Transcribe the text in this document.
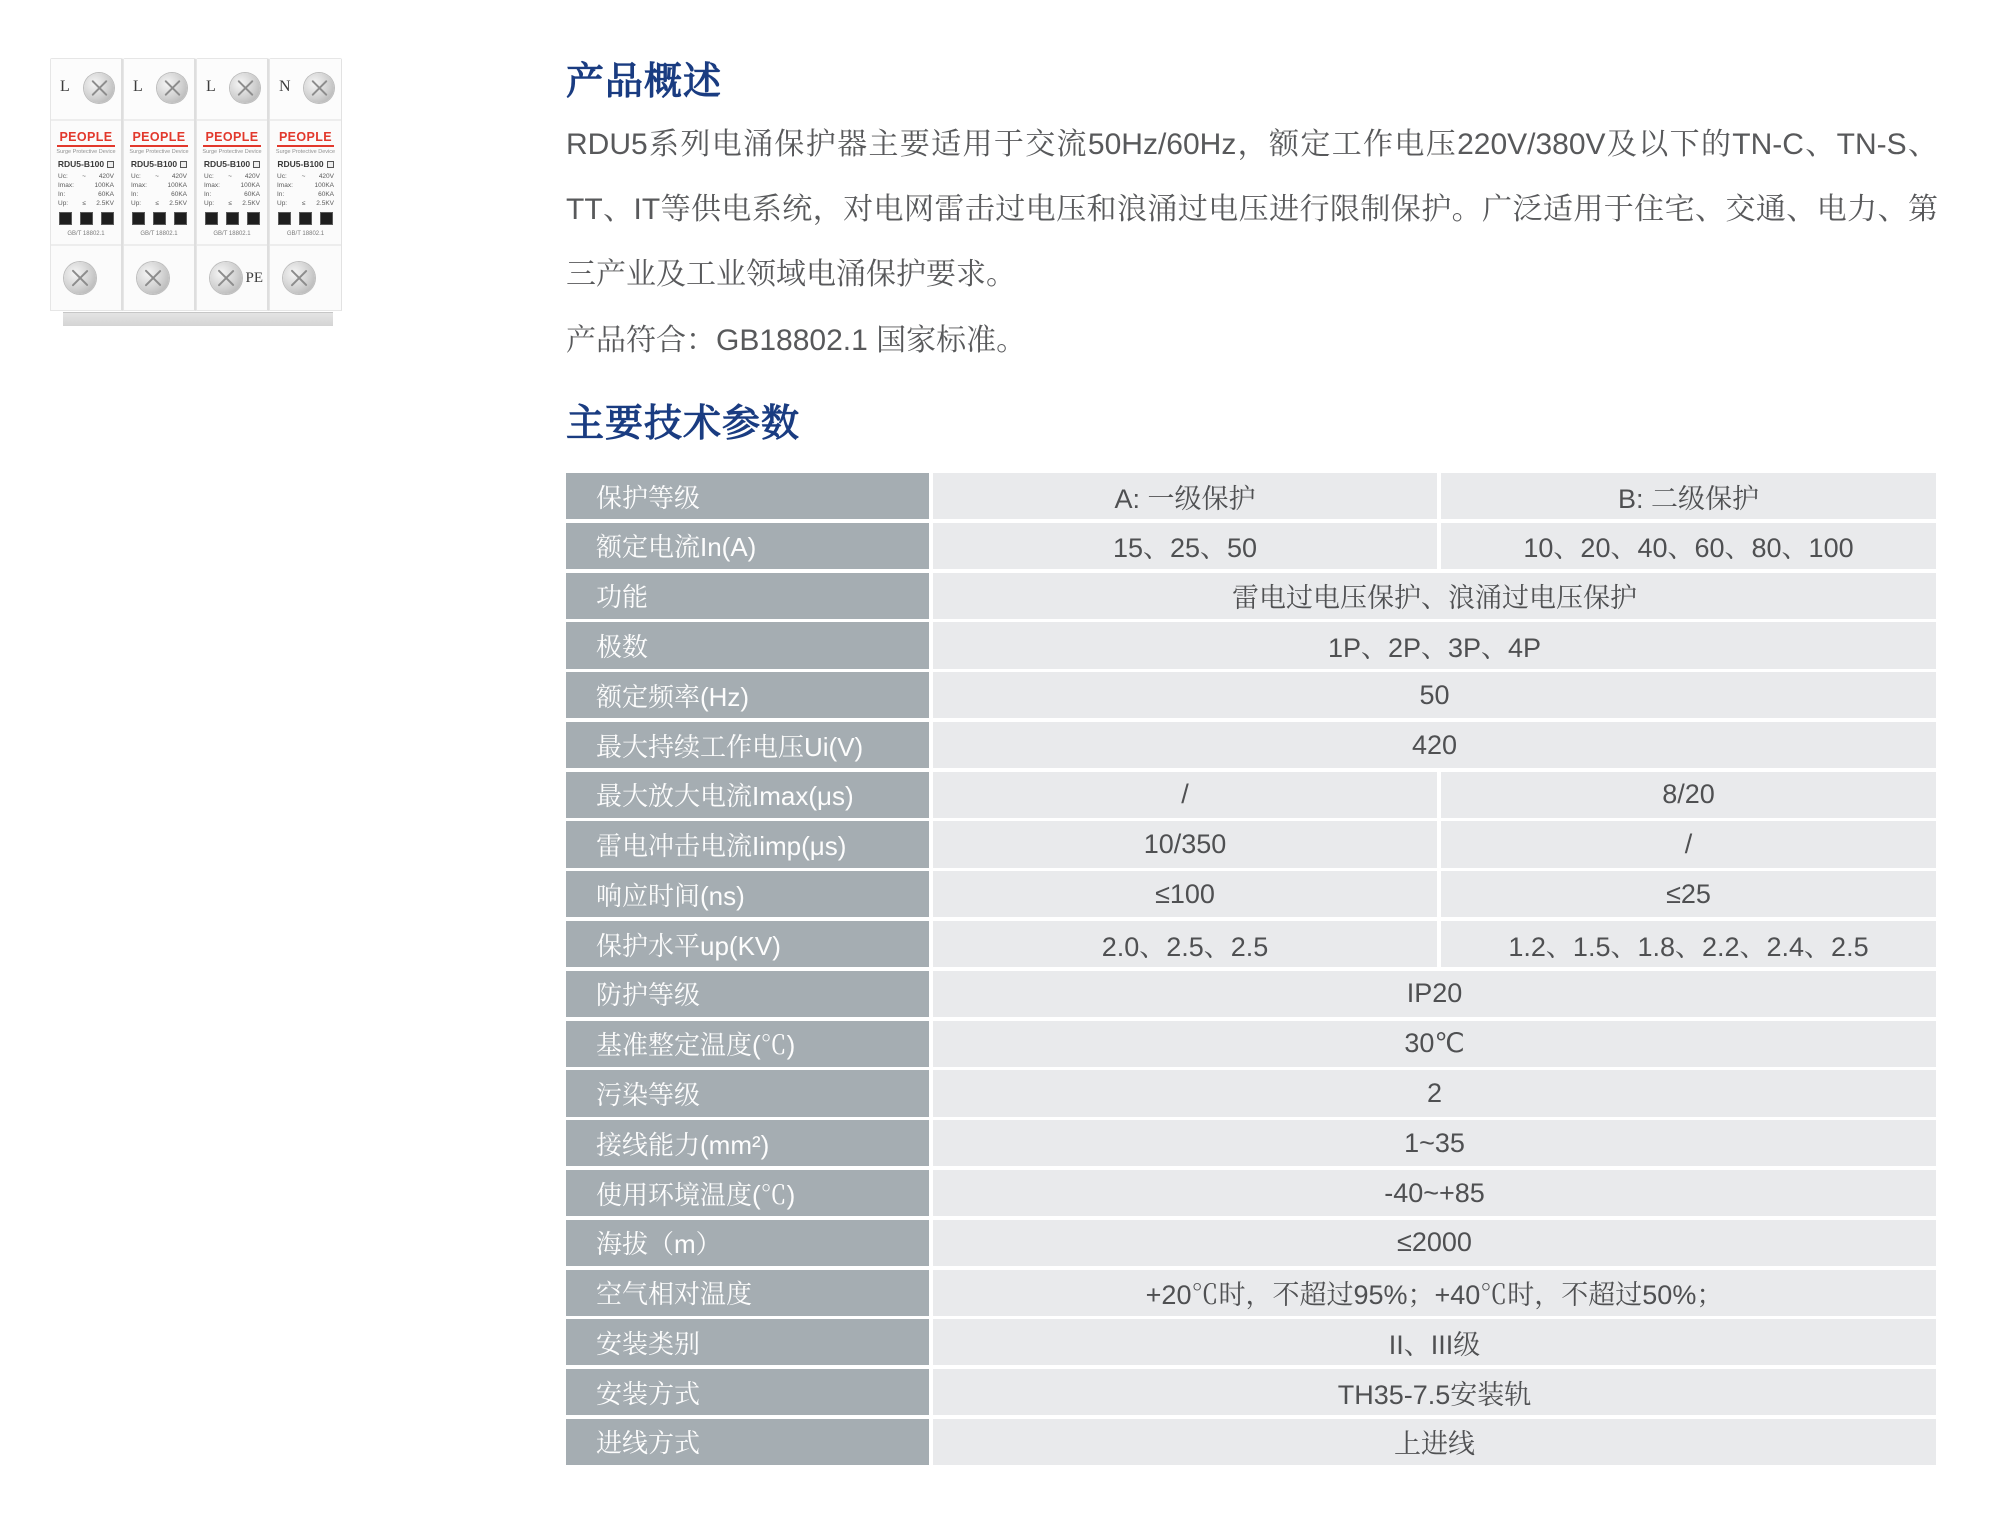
L
PEOPLE
Surge Protective Device
RDU5-B100
Uc:	~	420V
Imax:	100KA
In:	60KA
Up:	≤	2.5KV
GB/T 18802.1
L
PEOPLE
Surge Protective Device
RDU5-B100
Uc:	~	420V
Imax:	100KA
In:	60KA
Up:	≤	2.5KV
GB/T 18802.1
L
PEOPLE
Surge Protective Device
RDU5-B100
Uc:	~	420V
Imax:	100KA
In:	60KA
Up:	≤	2.5KV
GB/T 18802.1
PE
N
PEOPLE
Surge Protective Device
RDU5-B100
Uc:	~	420V
Imax:	100KA
In:	60KA
Up:	≤	2.5KV
GB/T 18802.1
产品概述

RDU5系列电涌保护器主要适用于交流50Hz/60Hz，额定工作电压220V/380V及以下的TN-C、TN-S、TT、IT等供电系统，对电网雷击过电压和浪涌过电压进行限制保护。广泛适用于住宅、交通、电力、第三产业及工业领域电涌保护要求。

产品符合：GB18802.1 国家标准。

主要技术参数
保护等级	A: 一级保护	B: 二级保护
额定电流In(A)	15、25、50	10、20、40、60、80、100
功能	雷电过电压保护、浪涌过电压保护
极数	1P、2P、3P、4P
额定频率(Hz)	50
最大持续工作电压Ui(V)	420
最大放大电流Imax(μs)	/	8/20
雷电冲击电流Iimp(μs)	10/350	/
响应时间(ns)	≤100	≤25
保护水平up(KV)	2.0、2.5、2.5	1.2、1.5、1.8、2.2、2.4、2.5
防护等级	IP20
基准整定温度(℃)	30℃
污染等级	2
接线能力(mm²)	1~35
使用环境温度(℃)	-40~+85
海拔（m）	≤2000
空气相对温度	+20℃时，不超过95%；+40℃时，不超过50%；
安装类别	II、III级
安装方式	TH35-7.5安装轨
进线方式	上进线
